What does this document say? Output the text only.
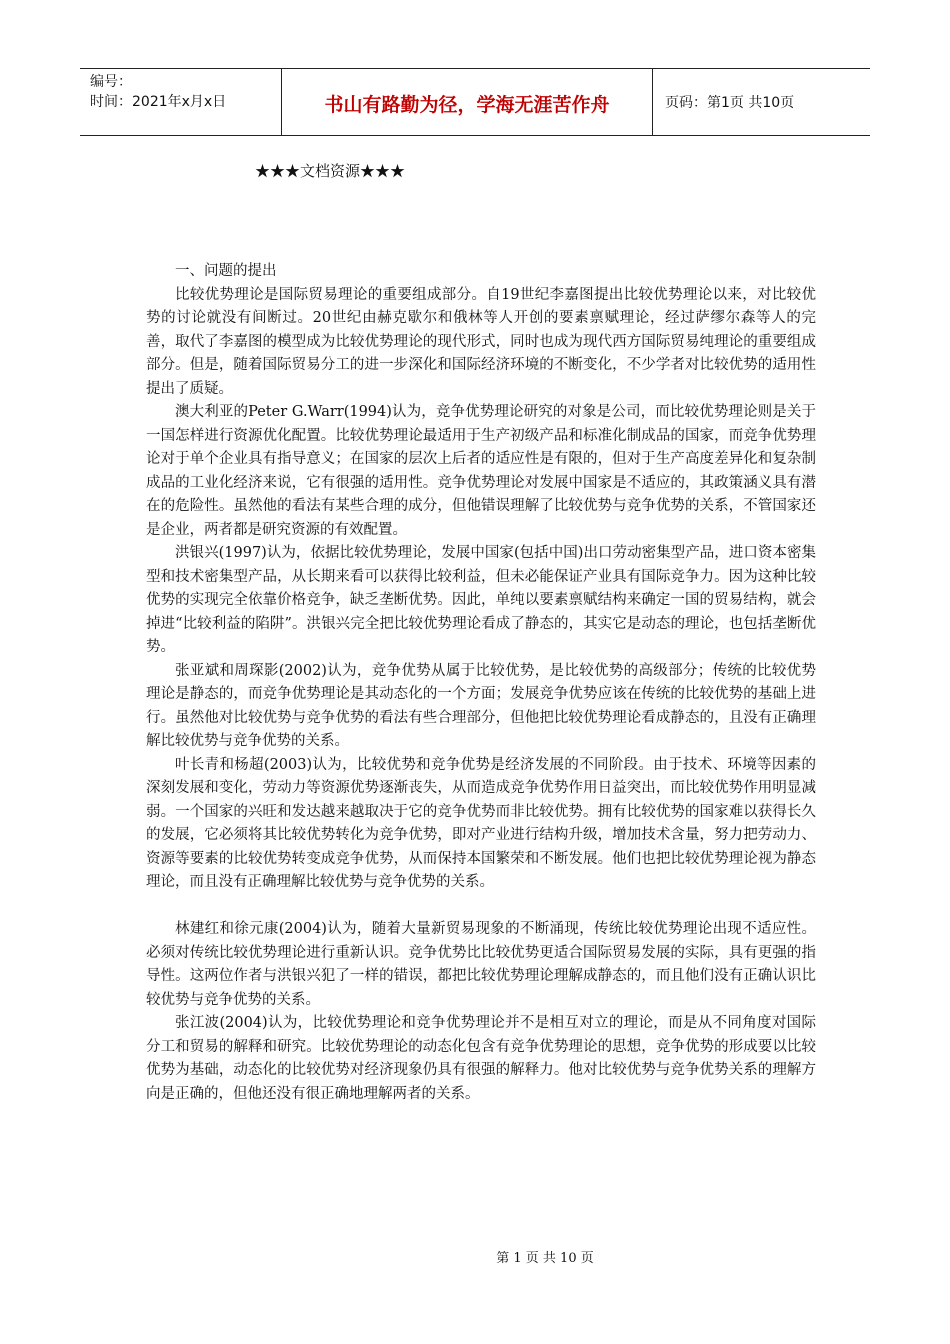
编号：
时间：2021年x月x日	书山有路勤为径，学海无涯苦作舟	页码：第1页 共10页
★★★文档资源★★★

一、问题的提出

比较优势理论是国际贸易理论的重要组成部分。自19世纪李嘉图提出比较优势理论以来，对比较优势的讨论就没有间断过。20世纪由赫克歇尔和俄林等人开创的要素禀赋理论，经过萨缪尔森等人的完善，取代了李嘉图的模型成为比较优势理论的现代形式，同时也成为现代西方国际贸易纯理论的重要组成部分。但是，随着国际贸易分工的进一步深化和国际经济环境的不断变化，不少学者对比较优势的适用性提出了质疑。

澳大利亚的Peter G.Warr(1994)认为，竞争优势理论研究的对象是公司，而比较优势理论则是关于一国怎样进行资源优化配置。比较优势理论最适用于生产初级产品和标准化制成品的国家，而竞争优势理论对于单个企业具有指导意义；在国家的层次上后者的适应性是有限的，但对于生产高度差异化和复杂制成品的工业化经济来说，它有很强的适用性。竞争优势理论对发展中国家是不适应的，其政策涵义具有潜在的危险性。虽然他的看法有某些合理的成分，但他错误理解了比较优势与竞争优势的关系，不管国家还是企业，两者都是研究资源的有效配置。

洪银兴(1997)认为，依据比较优势理论，发展中国家(包括中国)出口劳动密集型产品，进口资本密集型和技术密集型产品，从长期来看可以获得比较利益，但未必能保证产业具有国际竞争力。因为这种比较优势的实现完全依靠价格竞争，缺乏垄断优势。因此，单纯以要素禀赋结构来确定一国的贸易结构，就会掉进“比较利益的陷阱”。洪银兴完全把比较优势理论看成了静态的，其实它是动态的理论，也包括垄断优势。

张亚斌和周琛影(2002)认为，竞争优势从属于比较优势，是比较优势的高级部分；传统的比较优势理论是静态的，而竞争优势理论是其动态化的一个方面；发展竞争优势应该在传统的比较优势的基础上进行。虽然他对比较优势与竞争优势的看法有些合理部分，但他把比较优势理论看成静态的，且没有正确理解比较优势与竞争优势的关系。

叶长青和杨超(2003)认为，比较优势和竞争优势是经济发展的不同阶段。由于技术、环境等因素的深刻发展和变化，劳动力等资源优势逐渐丧失，从而造成竞争优势作用日益突出，而比较优势作用明显减弱。一个国家的兴旺和发达越来越取决于它的竞争优势而非比较优势。拥有比较优势的国家难以获得长久的发展，它必须将其比较优势转化为竞争优势，即对产业进行结构升级，增加技术含量，努力把劳动力、资源等要素的比较优势转变成竞争优势，从而保持本国繁荣和不断发展。他们也把比较优势理论视为静态理论，而且没有正确理解比较优势与竞争优势的关系。

林建红和徐元康(2004)认为，随着大量新贸易现象的不断涌现，传统比较优势理论出现不适应性。必须对传统比较优势理论进行重新认识。竞争优势比比较优势更适合国际贸易发展的实际，具有更强的指导性。这两位作者与洪银兴犯了一样的错误，都把比较优势理论理解成静态的，而且他们没有正确认识比较优势与竞争优势的关系。

张江波(2004)认为，比较优势理论和竞争优势理论并不是相互对立的理论，而是从不同角度对国际分工和贸易的解释和研究。比较优势理论的动态化包含有竞争优势理论的思想，竞争优势的形成要以比较优势为基础，动态化的比较优势对经济现象仍具有很强的解释力。他对比较优势与竞争优势关系的理解方向是正确的，但他还没有很正确地理解两者的关系。

第 1 页 共 10 页
